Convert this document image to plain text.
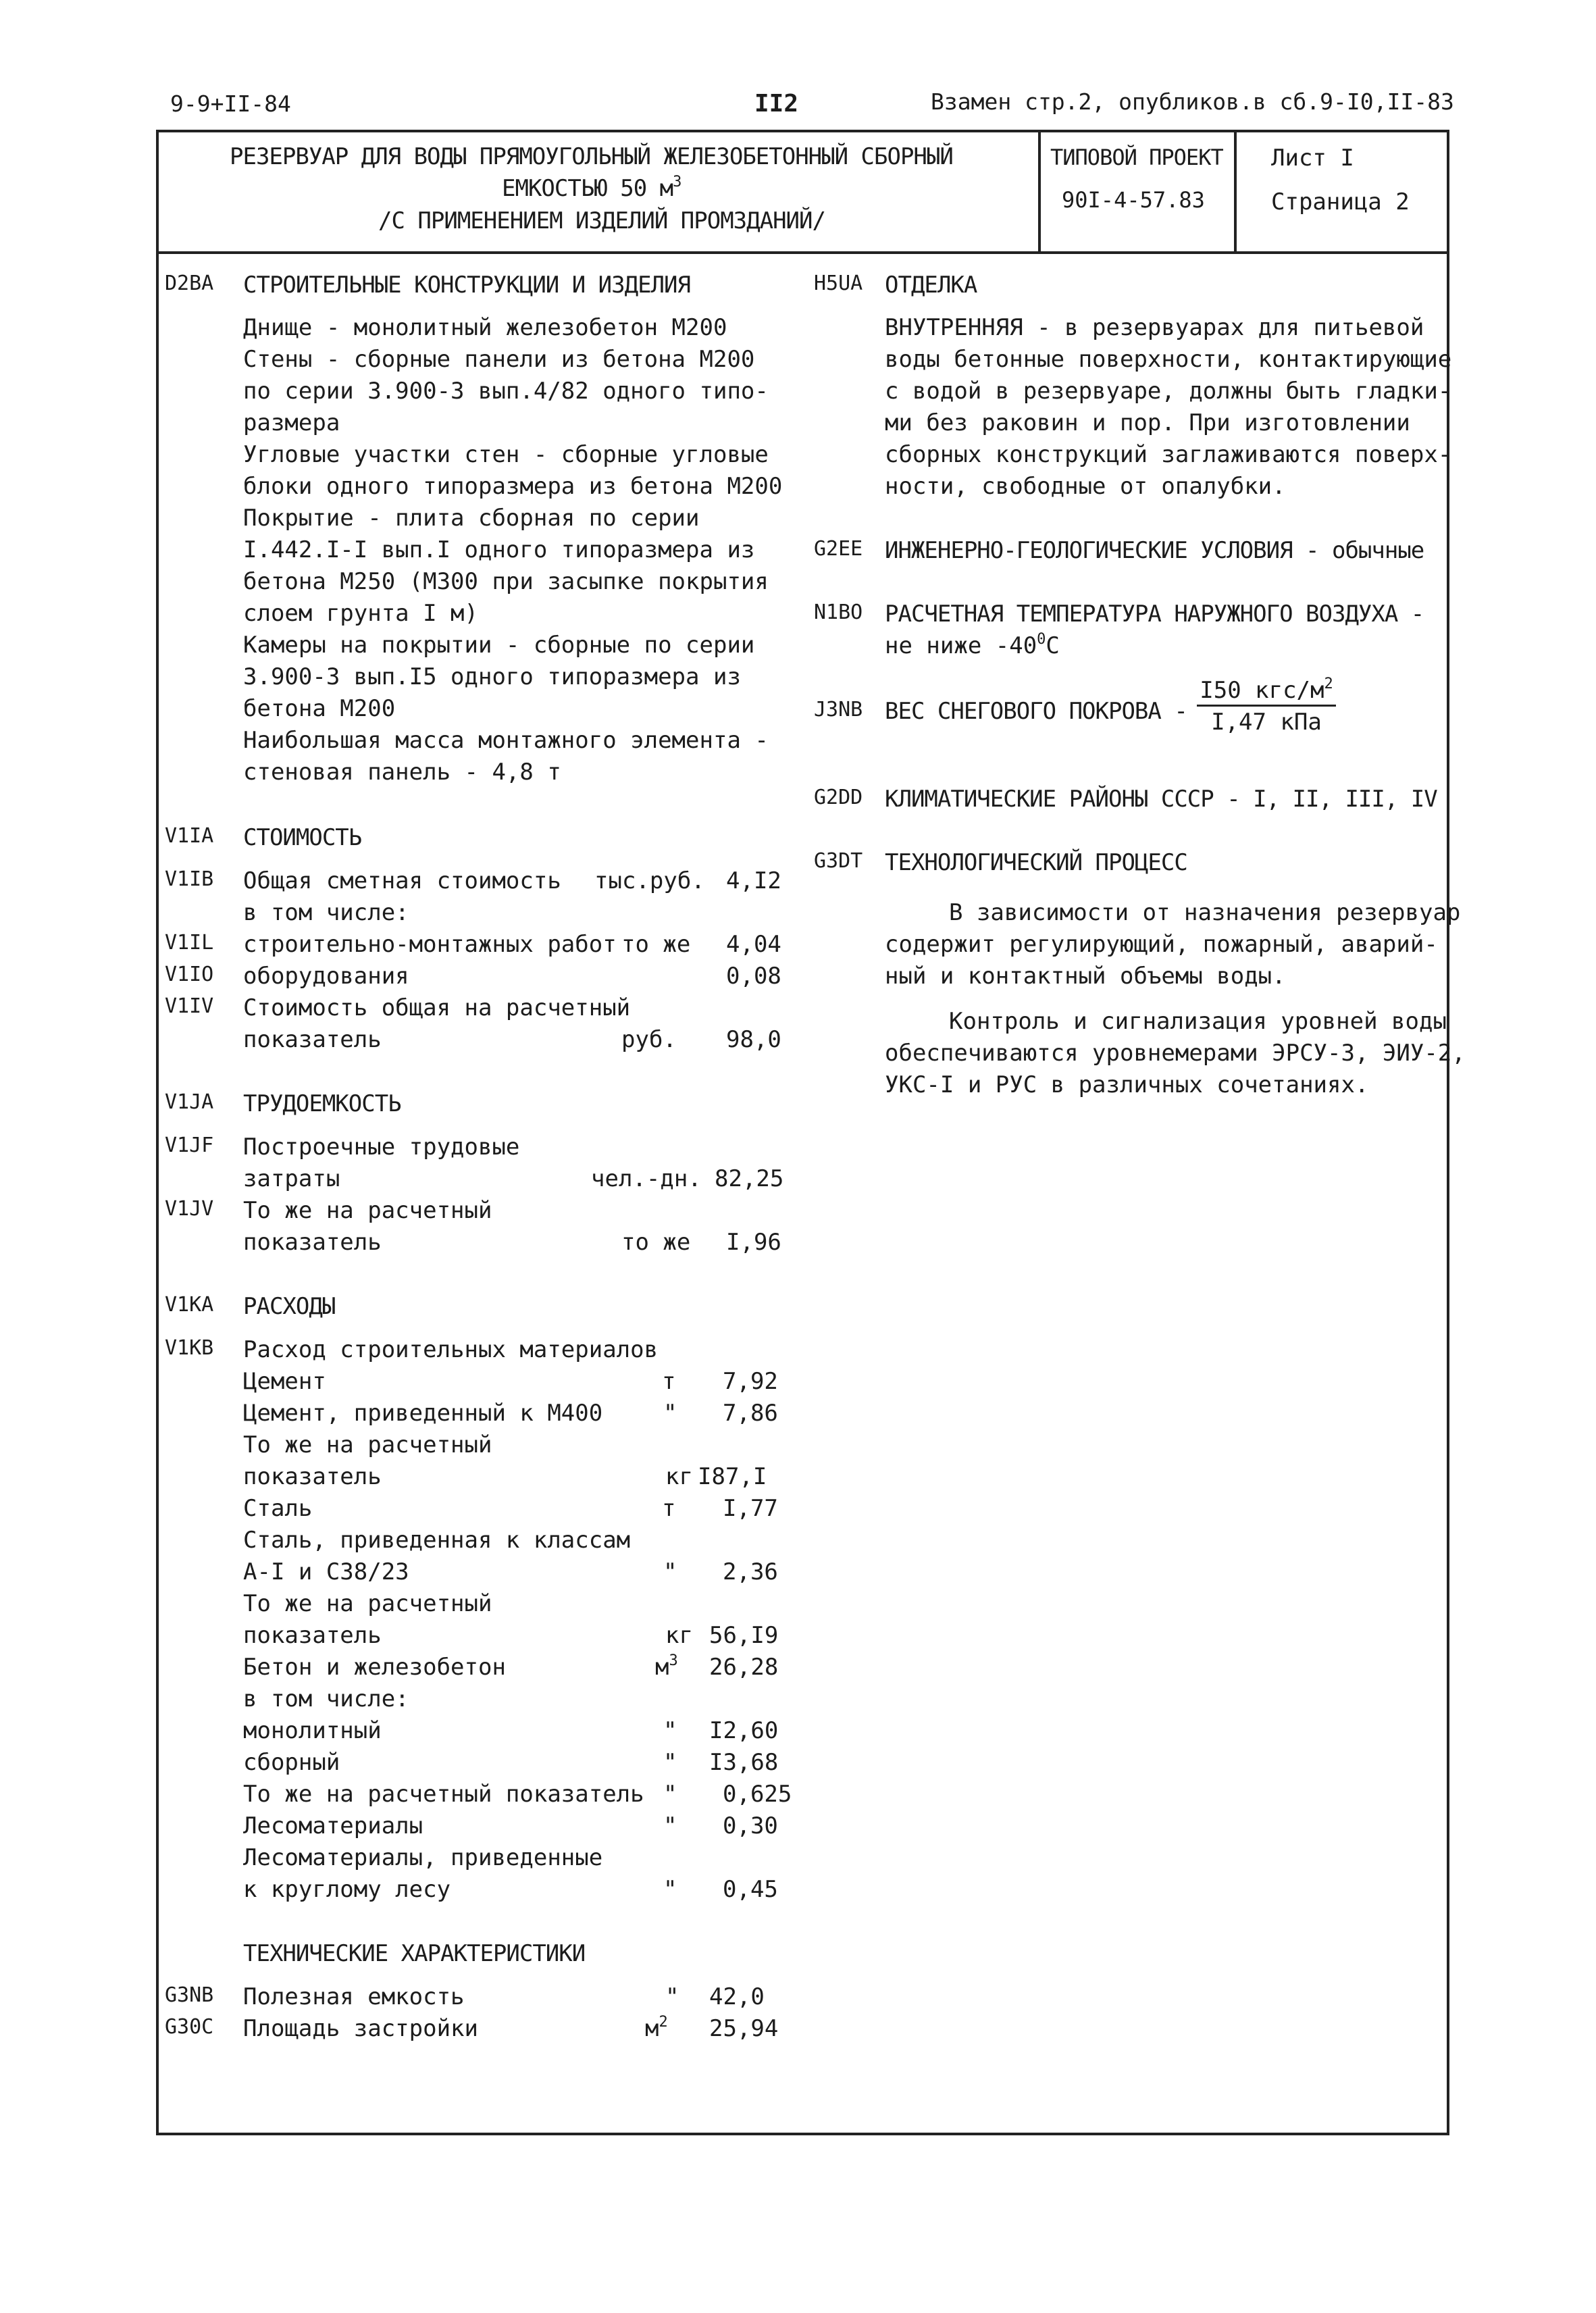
9-9+II-84	II2	Взамен стр.2, опубликов.в сб.9-I0,II-83
РЕЗЕРВУАР ДЛЯ ВОДЫ ПРЯМОУГОЛЬНЫЙ ЖЕЛЕЗОБЕТОННЫЙ СБОРНЫЙ
ЕМКОСТЬЮ 50 $м^3$
/С ПРИМЕНЕНИЕМ ИЗДЕЛИЙ ПРОМЗДАНИЙ/
ТИПОВОЙ ПРОЕКТ
90I-4-57.83
Лист I
Страница 2
D2BA СТРОИТЕЛЬНЫЕ КОНСТРУКЦИИ И ИЗДЕЛИЯ
Днище - монолитный железобетон М200
Стены - сборные панели из бетона М200
по серии 3.900-3 вып.4/82 одного типо-
размера
Угловые участки стен - сборные угловые
блоки одного типоразмера из бетона М200
Покрытие - плита сборная по серии
I.442.I-I вып.I одного типоразмера из
бетона М250 (М300 при засыпке покрытия
слоем грунта I м)
Камеры на покрытии - сборные по серии
3.900-3 вып.I5 одного типоразмера из
бетона М200
Наибольшая масса монтажного элемента -
стеновая панель - 4,8 т
V1IA СТОИМОСТЬ
V1IB Общая сметная стоимость тыс.руб. 4,I2
в том числе:
V1IL строительно-монтажных работ то же 4,04
V1IO оборудования	0,08
V1IV Стоимость общая на расчетный
показатель	руб. 98,0
V1JA ТРУДОЕМКОСТЬ
V1JF Построечные трудовые
затраты	чел.-дн. 82,25
V1JV То же на расчетный
показатель	то же I,96
V1KA РАСХОДЫ
V1KB Расход строительных материалов
Цемент	т 7,92
Цемент, приведенный к М400	" 7,86
То же на расчетный
показатель	кг I87,I
Сталь	т I,77
Сталь, приведенная к классам
А-I и С38/23	" 2,36
То же на расчетный
показатель	кг 56,I9
Бетон и железобетон	$м^3$ 26,28
в том числе:
монолитный	" I2,60
сборный	" I3,68
То же на расчетный показатель " 0,625
Лесоматериалы	" 0,30
Лесоматериалы, приведенные
к круглому лесу	" 0,45
ТЕХНИЧЕСКИЕ ХАРАКТЕРИСТИКИ
G3NB Полезная емкость	" 42,0
G30C Площадь застройки	$м^2$ 25,94
H5UA ОТДЕЛКА
ВНУТРЕННЯЯ - в резервуарах для питьевой
воды бетонные поверхности, контактирующие
с водой в резервуаре, должны быть гладки-
ми без раковин и пор. При изготовлении
сборных конструкций заглаживаются поверх-
ности, свободные от опалубки.
G2EE ИНЖЕНЕРНО-ГЕОЛОГИЧЕСКИЕ УСЛОВИЯ - обычные
N1BO РАСЧЕТНАЯ ТЕМПЕРАТУРА НАРУЖНОГО ВОЗДУХА -
не ниже $-40^0С$
J3NB ВЕС СНЕГОВОГО ПОКРОВА -
I50 кгс/$м^2$
I,47 кПа
G2DD КЛИМАТИЧЕСКИЕ РАЙОНЫ СССР - I, II, III, IV
G3DT ТЕХНОЛОГИЧЕСКИЙ ПРОЦЕСС
В зависимости от назначения резервуар
содержит регулирующий, пожарный, аварий-
ный и контактный объемы воды.
Контроль и сигнализация уровней воды
обеспечиваются уровнемерами ЭРСУ-3, ЭИУ-2,
УКС-I и РУС в различных сочетаниях.
